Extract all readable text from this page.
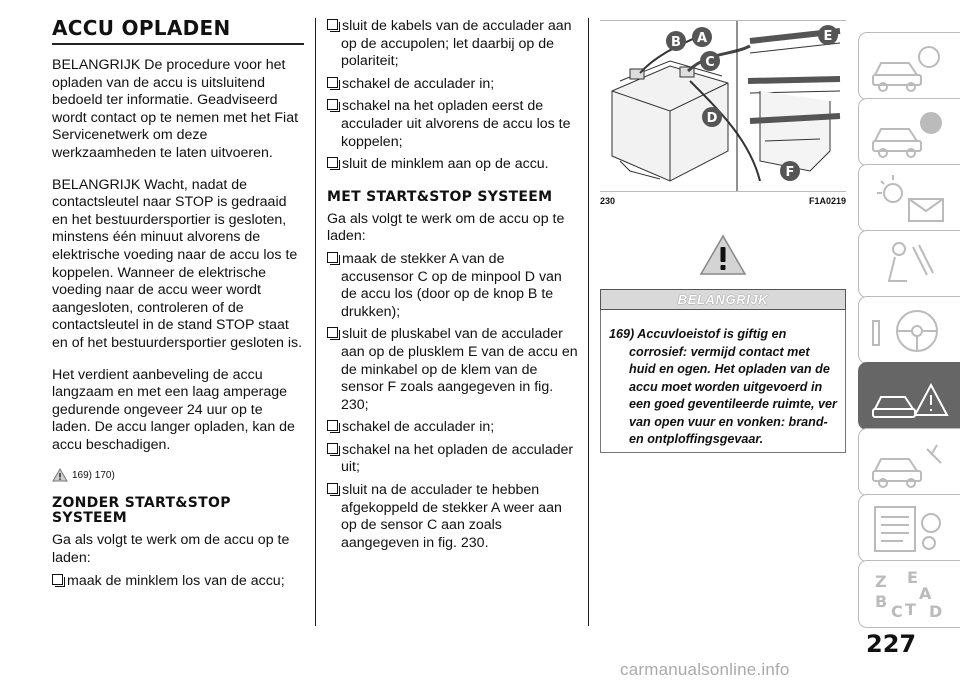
ACCU OPLADEN

BELANGRIJK De procedure voor het opladen van de accu is uitsluitend bedoeld ter informatie. Geadviseerd wordt contact op te nemen met het Fiat Servicenetwerk om deze werkzaamheden te laten uitvoeren.

BELANGRIJK Wacht, nadat de contactsleutel naar STOP is gedraaid en het bestuurdersportier is gesloten, minstens één minuut alvorens de elektrische voeding naar de accu los te koppelen. Wanneer de elektrische voeding naar de accu weer wordt aangesloten, controleren of de contactsleutel in de stand STOP staat en of het bestuurdersportier gesloten is.

Het verdient aanbeveling de accu langzaam en met een laag amperage gedurende ongeveer 24 uur op te laden. De accu langer opladen, kan de accu beschadigen.

169) 170)
ZONDER START&STOP SYSTEEM

Ga als volgt te werk om de accu op te laden:

maak de minklem los van de accu;
sluit de kabels van de acculader aan op de accupolen; let daarbij op de polariteit;
schakel de acculader in;
schakel na het opladen eerst de acculader uit alvorens de accu los te koppelen;
sluit de minklem aan op de accu.
MET START&STOP SYSTEEM

Ga als volgt te werk om de accu op te laden:

maak de stekker A van de accusensor C op de minpool D van de accu los (door op de knop B te drukken);
sluit de pluskabel van de acculader aan op de plusklem E van de accu en de minkabel op de klem van de sensor F zoals aangegeven in fig. 230;
schakel de acculader in;
schakel na het opladen de acculader uit;
sluit na de acculader te hebben afgekoppeld de stekker A weer aan op de sensor C aan zoals aangegeven in fig. 230.
B A
C
D
E
F
230	F1A0219
BELANGRIJK

169) Accuvloeistof is giftig en corrosief: vermijd contact met huid en ogen. Het opladen van de accu moet worden uitgevoerd in een goed geventileerde ruimte, ver van open vuur en vonken: brand- en ontploffingsgevaar.

Z E
A
B
C T D
227
carmanualsonline.info
